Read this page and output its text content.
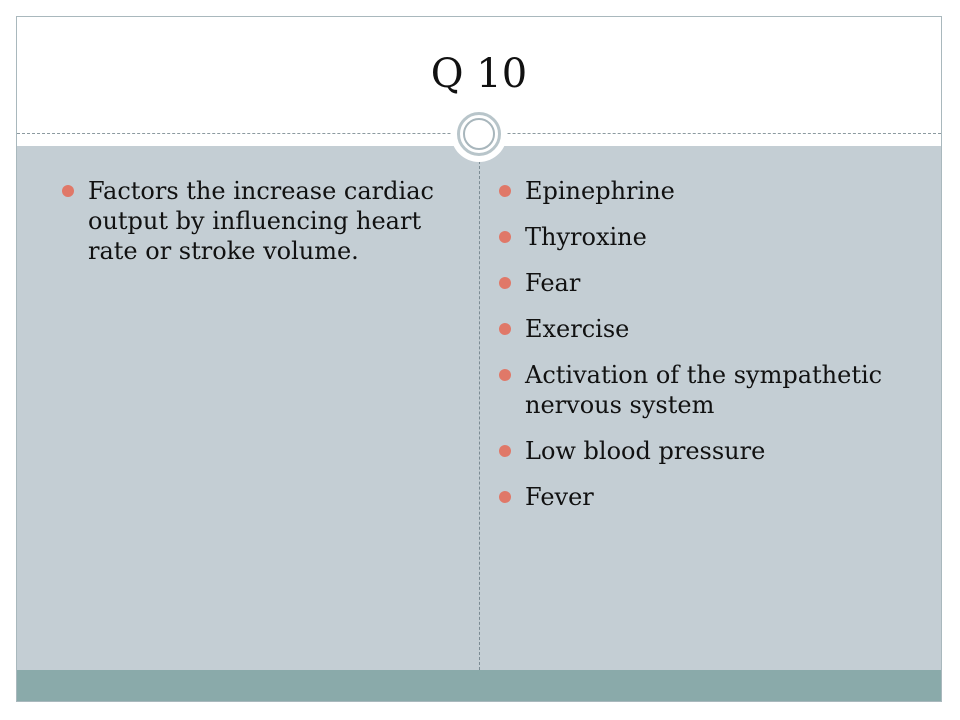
Q 10
Factors the increase cardiac output by influencing heart rate or stroke volume.
Epinephrine
Thyroxine
Fear
Exercise
Activation of the sympathetic nervous system
Low blood pressure
Fever
